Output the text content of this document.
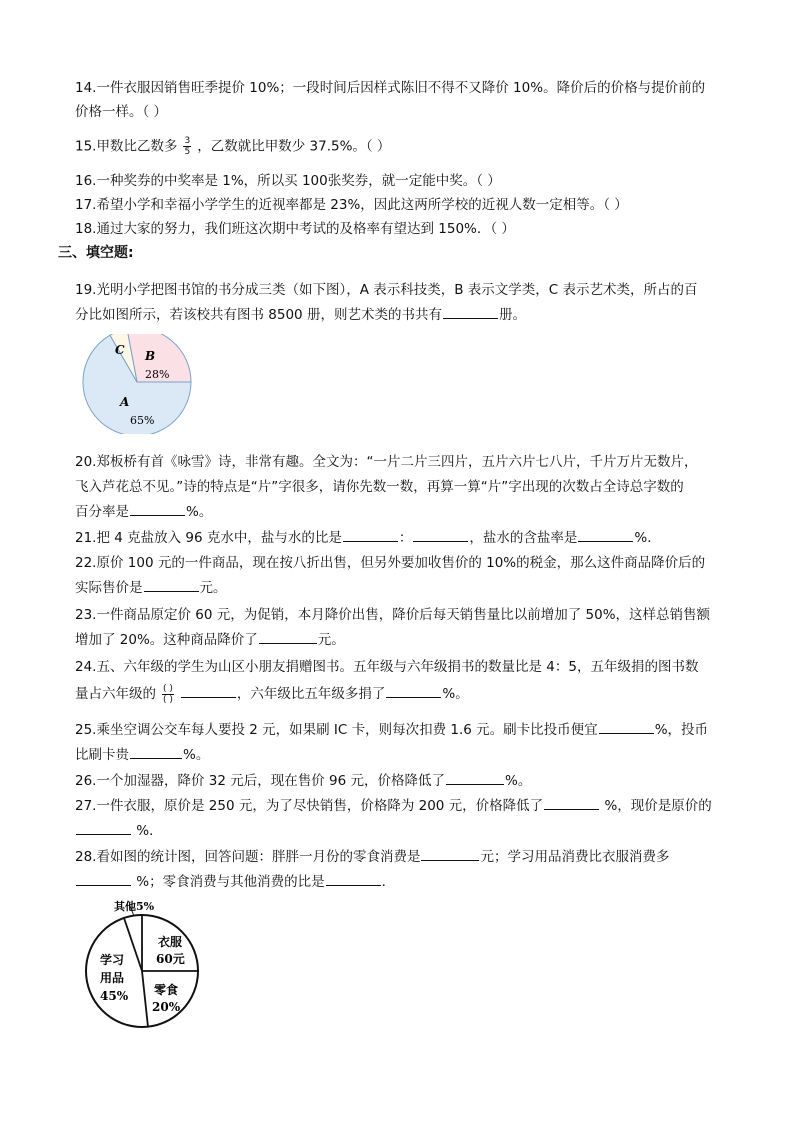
14.一件衣服因销售旺季提价 10%；一段时间后因样式陈旧不得不又降价 10%。降价后的价格与提价前的
价格一样。（ ）
15.甲数比乙数多 $\frac{3}{5}$ ，乙数就比甲数少 37.5%。（ ）
16.一种奖券的中奖率是 1%，所以买 100张奖券，就一定能中奖。（ ）
17.希望小学和幸福小学学生的近视率都是 23%，因此这两所学校的近视人数一定相等。（ ）
18.通过大家的努力，我们班这次期中考试的及格率有望达到 150%．（ ）
三、填空题:
19.光明小学把图书馆的书分成三类（如下图），A 表示科技类，B 表示文学类，C 表示艺术类，所占的百
分比如图所示，若该校共有图书 8500 册，则艺术类的书共有	册。
C B
28%
A
65%
20.郑板桥有首《咏雪》诗，非常有趣。全文为：“一片二片三四片，五片六片七八片，千片万片无数片，
飞入芦花总不见。”诗的特点是“片”字很多，请你先数一数，再算一算“片”字出现的次数占全诗总字数的
百分率是	%。
21.把 4 克盐放入 96 克水中，盐与水的比是	：	，盐水的含盐率是	%．
22.原价 100 元的一件商品，现在按八折出售，但另外要加收售价的 10%的税金，那么这件商品降价后的
实际售价是	元。
23.一件商品原定价 60 元，为促销，本月降价出售，降价后每天销售量比以前增加了 50%，这样总销售额
增加了 20%。这种商品降价了	元。
24.五、六年级的学生为山区小朋友捐赠图书。五年级与六年级捐书的数量比是 4：5，五年级捐的图书数
量占六年级的 $\frac{( )}{( )}$	，六年级比五年级多捐了	%。
25.乘坐空调公交车每人要投 2 元，如果刷 IC 卡，则每次扣费 1.6 元。刷卡比投币便宜	%，投币
比刷卡贵	%。
26.一个加湿器，降价 32 元后，现在售价 96 元，价格降低了	%。
27.一件衣服，原价是 250 元，为了尽快销售，价格降为 200 元，价格降低了	%，现价是原价的
%．
28.看如图的统计图，回答问题：胖胖一月份的零食消费是	元；学习用品消费比衣服消费多
%；零食消费与其他消费的比是	．
其他5%
衣服
60元
学习
用品
45% 零食
20%
